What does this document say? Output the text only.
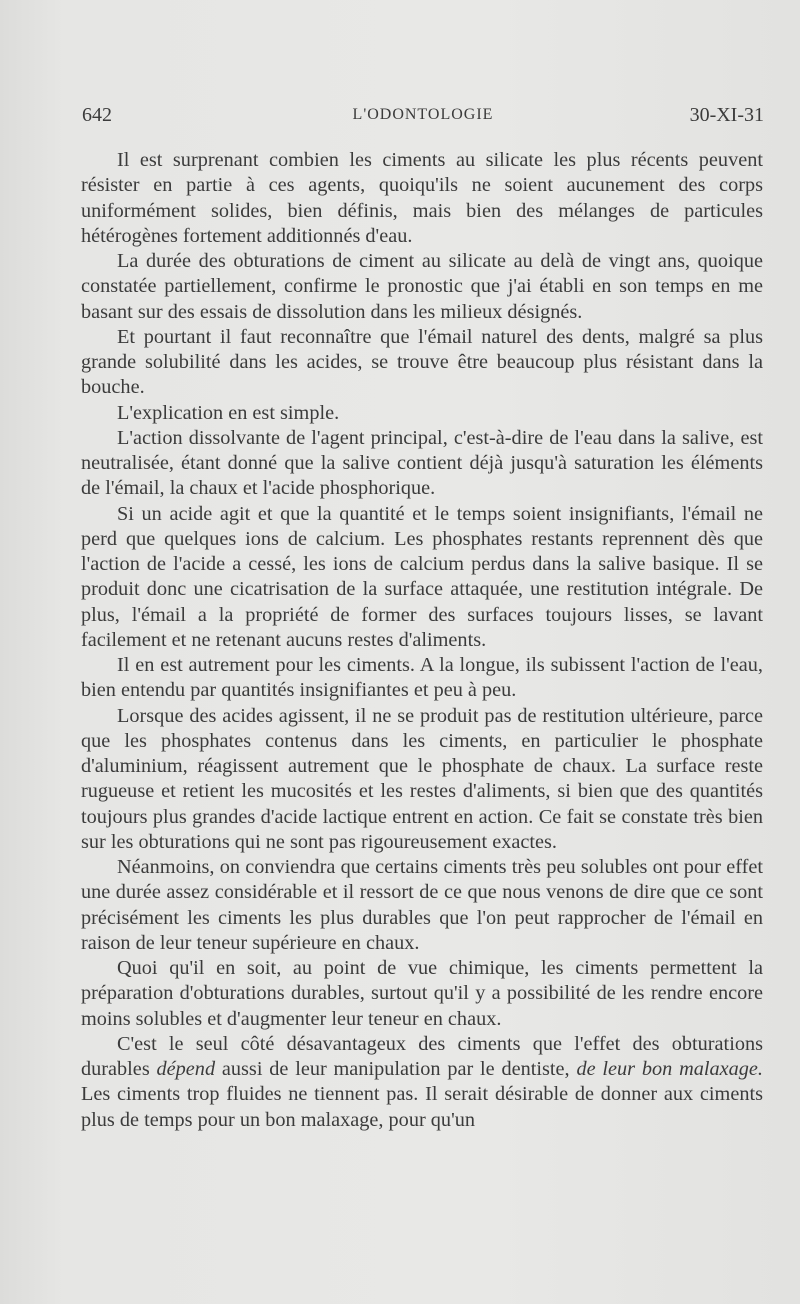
642	L'ODONTOLOGIE	30-XI-31

Il est surprenant combien les ciments au silicate les plus récents peuvent résister en partie à ces agents, quoiqu'ils ne soient aucunement des corps uniformément solides, bien définis, mais bien des mélanges de particules hétérogènes fortement additionnés d'eau.

La durée des obturations de ciment au silicate au delà de vingt ans, quoique constatée partiellement, confirme le pronostic que j'ai établi en son temps en me basant sur des essais de dissolution dans les milieux désignés.

Et pourtant il faut reconnaître que l'émail naturel des dents, malgré sa plus grande solubilité dans les acides, se trouve être beaucoup plus résistant dans la bouche.

L'explication en est simple.

L'action dissolvante de l'agent principal, c'est-à-dire de l'eau dans la salive, est neutralisée, étant donné que la salive contient déjà jusqu'à saturation les éléments de l'émail, la chaux et l'acide phosphorique.

Si un acide agit et que la quantité et le temps soient insignifiants, l'émail ne perd que quelques ions de calcium. Les phosphates restants reprennent dès que l'action de l'acide a cessé, les ions de calcium perdus dans la salive basique. Il se produit donc une cicatrisation de la surface attaquée, une restitution intégrale. De plus, l'émail a la propriété de former des surfaces toujours lisses, se lavant facilement et ne retenant aucuns restes d'aliments.

Il en est autrement pour les ciments. A la longue, ils subissent l'action de l'eau, bien entendu par quantités insignifiantes et peu à peu.

Lorsque des acides agissent, il ne se produit pas de restitution ultérieure, parce que les phosphates contenus dans les ciments, en particulier le phosphate d'aluminium, réagissent autrement que le phosphate de chaux. La surface reste rugueuse et retient les mucosités et les restes d'aliments, si bien que des quantités toujours plus grandes d'acide lactique entrent en action. Ce fait se constate très bien sur les obturations qui ne sont pas rigoureusement exactes.

Néanmoins, on conviendra que certains ciments très peu solubles ont pour effet une durée assez considérable et il ressort de ce que nous venons de dire que ce sont précisément les ciments les plus durables que l'on peut rapprocher de l'émail en raison de leur teneur supérieure en chaux.

Quoi qu'il en soit, au point de vue chimique, les ciments permettent la préparation d'obturations durables, surtout qu'il y a possibilité de les rendre encore moins solubles et d'augmenter leur teneur en chaux.

C'est le seul côté désavantageux des ciments que l'effet des obturations durables dépend aussi de leur manipulation par le dentiste, de leur bon malaxage. Les ciments trop fluides ne tiennent pas. Il serait désirable de donner aux ciments plus de temps pour un bon malaxage, pour qu'un
